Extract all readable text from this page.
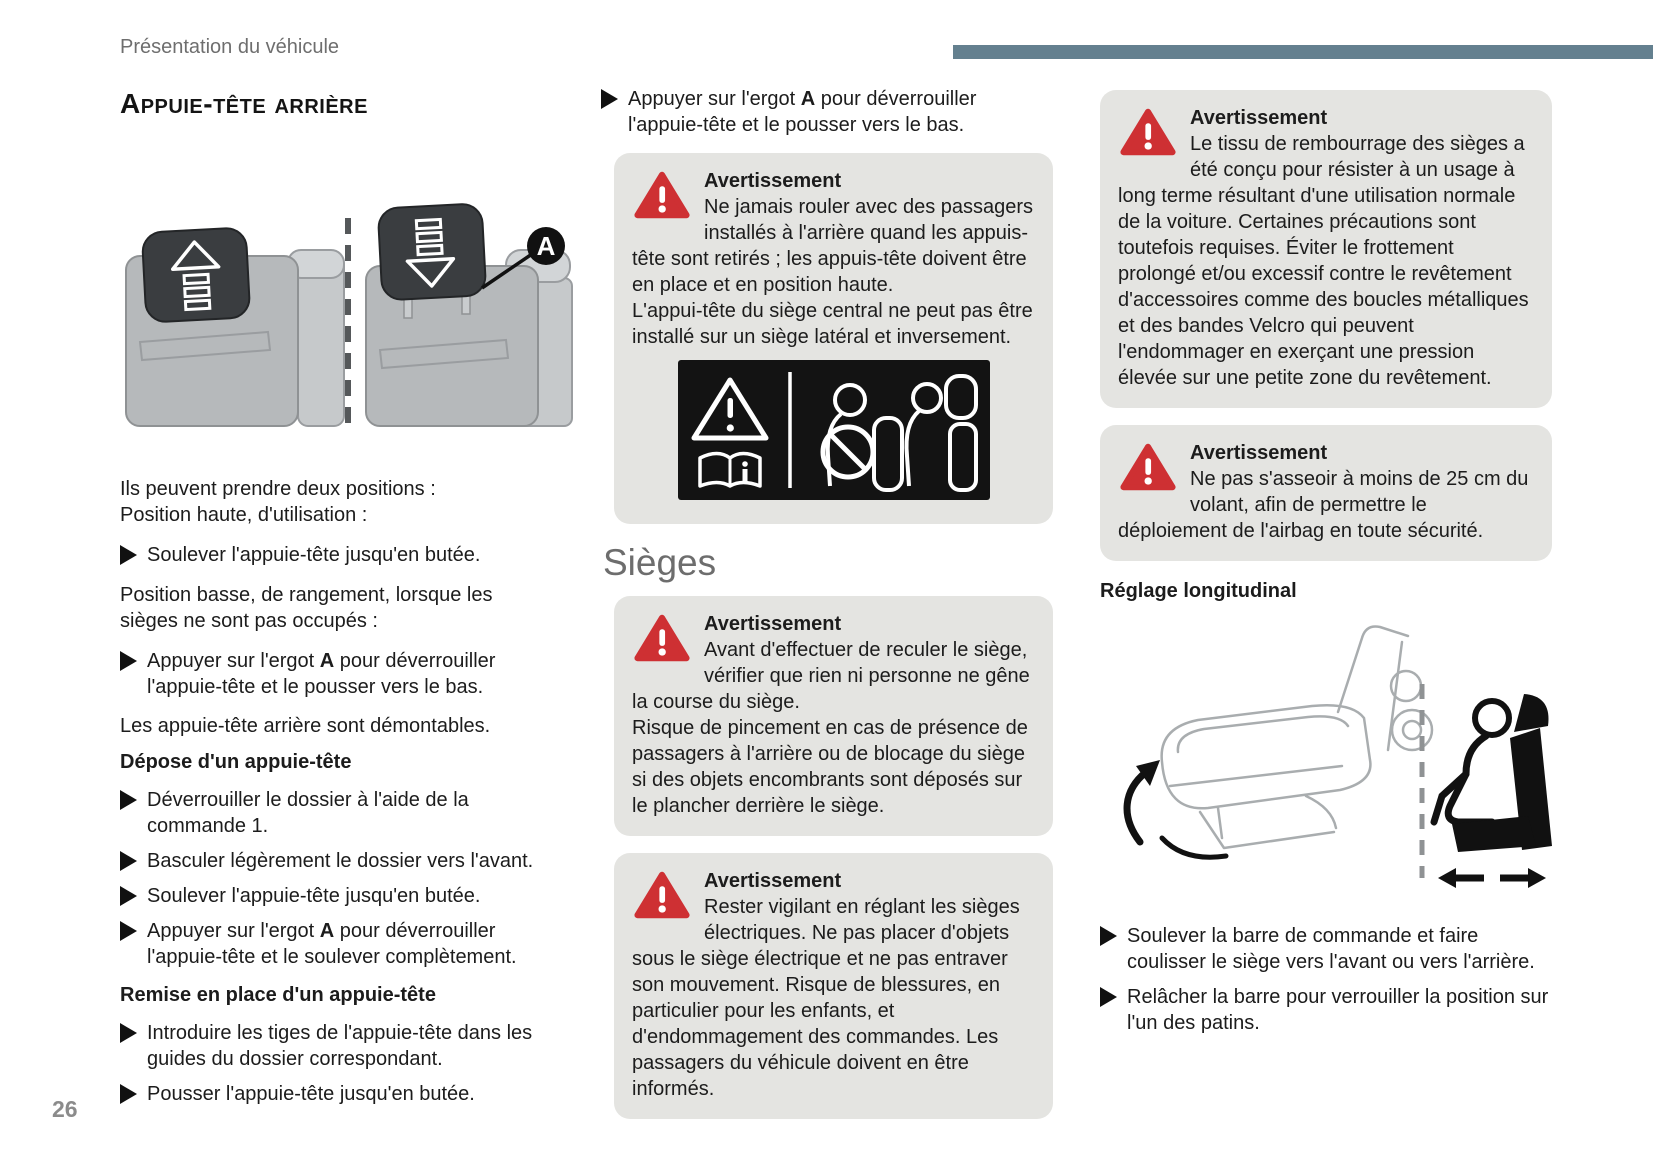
Présentation du véhicule
Appuie-tête arrière
A

Ils peuvent prendre deux positions :
Position haute, d'utilisation :

Soulever l'appuie-tête jusqu'en butée.

Position basse, de rangement, lorsque les sièges ne sont pas occupés :

Appuyer sur l'ergot A pour déverrouiller l'appuie-tête et le pousser vers le bas.

Les appuie-tête arrière sont démontables.

Dépose d'un appuie-tête
Déverrouiller le dossier à l'aide de la commande 1.
Basculer légèrement le dossier vers l'avant.
Soulever l'appuie-tête jusqu'en butée.
Appuyer sur l'ergot A pour déverrouiller l'appuie-tête et le soulever complètement.
Remise en place d'un appuie-tête
Introduire les tiges de l'appuie-tête dans les guides du dossier correspondant.
Pousser l'appuie-tête jusqu'en butée.
Appuyer sur l'ergot A pour déverrouiller l'appuie-tête et le pousser vers le bas.
Avertissement
Ne jamais rouler avec des passagers installés à l'arrière quand les appuis-tête sont retirés ; les appuis-tête doivent être en place et en position haute.
L'appui-tête du siège central ne peut pas être installé sur un siège latéral et inversement.
Sièges
Avertissement
Avant d'effectuer de reculer le siège, vérifier que rien ni personne ne gêne la course du siège.
Risque de pincement en cas de présence de passagers à l'arrière ou de blocage du siège si des objets encombrants sont déposés sur le plancher derrière le siège.
Avertissement
Rester vigilant en réglant les sièges électriques. Ne pas placer d'objets sous le siège électrique et ne pas entraver son mouvement. Risque de blessures, en particulier pour les enfants, et d'endommagement des commandes. Les passagers du véhicule doivent en être informés.
Avertissement
Le tissu de rembourrage des sièges a été conçu pour résister à un usage à long terme résultant d'une utilisation normale de la voiture. Certaines précautions sont toutefois requises. Éviter le frottement prolongé et/ou excessif contre le revêtement d'accessoires comme des boucles métalliques et des bandes Velcro qui peuvent l'endommager en exerçant une pression élevée sur une petite zone du revêtement.
Avertissement
Ne pas s'asseoir à moins de 25 cm du volant, afin de permettre le déploiement de l'airbag en toute sécurité.
Réglage longitudinal
Soulever la barre de commande et faire coulisser le siège vers l'avant ou vers l'arrière.
Relâcher la barre pour verrouiller la position sur l'un des patins.
26
